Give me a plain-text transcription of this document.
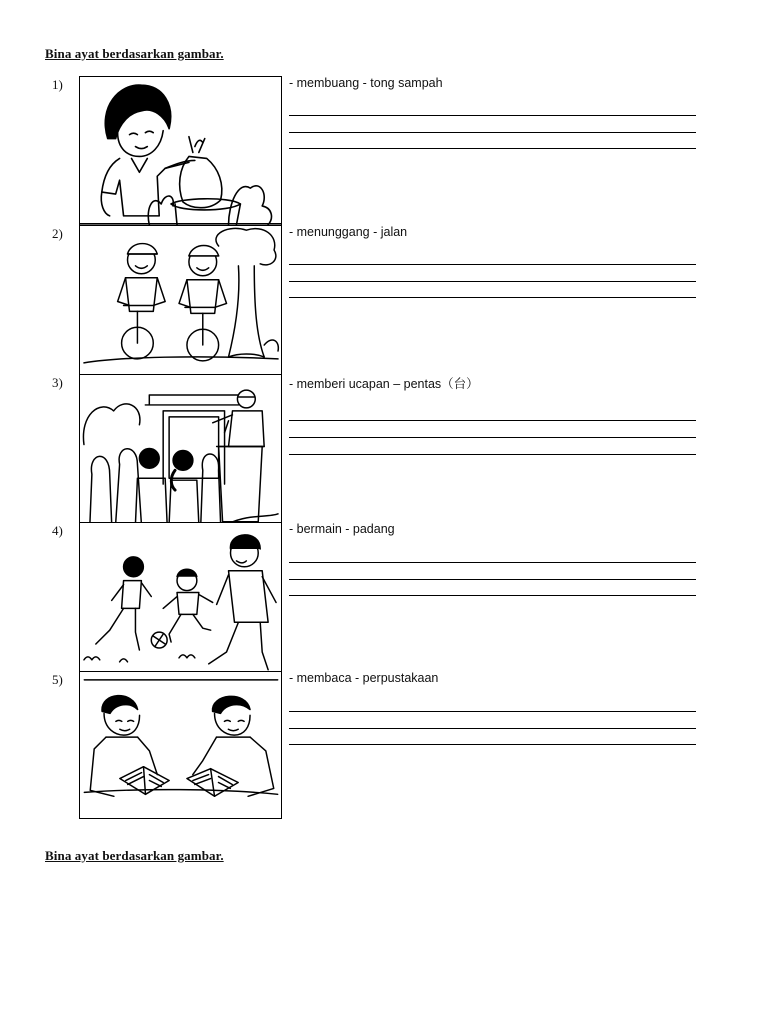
Bina ayat berdasarkan gambar.
1)	- membuang - tong sampah
2)	- menunggang - jalan
3)	- memberi ucapan – pentas（台）
4)	- bermain - padang
5)	- membaca - perpustakaan
Bina ayat berdasarkan gambar.
